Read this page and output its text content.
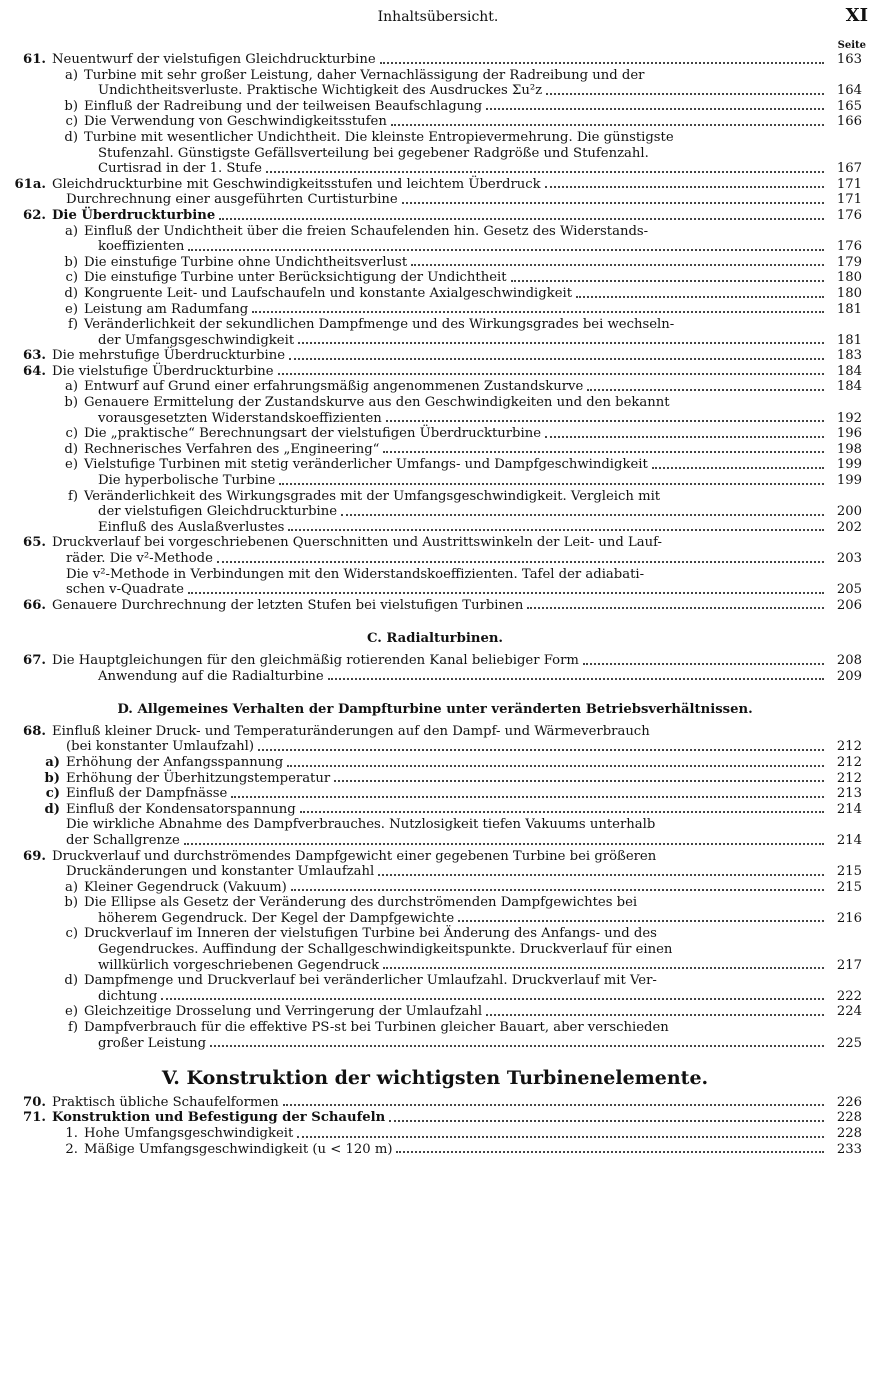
Inhaltsübersicht.	XI
Seite
61. Neuentwurf der vielstufigen Gleichdruckturbine	163
a) Turbine mit sehr großer Leistung, daher Vernachlässigung der Radreibung und der
Undichtheitsverluste. Praktische Wichtigkeit des Ausdruckes Σu²z	164
b) Einfluß der Radreibung und der teilweisen Beaufschlagung	165
c) Die Verwendung von Geschwindigkeitsstufen	166
d) Turbine mit wesentlicher Undichtheit. Die kleinste Entropievermehrung. Die günstigste
Stufenzahl. Günstigste Gefällsverteilung bei gegebener Radgröße und Stufenzahl.
Curtisrad in der 1. Stufe	167
61a. Gleichdruckturbine mit Geschwindigkeitsstufen und leichtem Überdruck	171
Durchrechnung einer ausgeführten Curtisturbine	171
62. Die Überdruckturbine	176
a) Einfluß der Undichtheit über die freien Schaufelenden hin. Gesetz des Widerstands-
koeffizienten	176
b) Die einstufige Turbine ohne Undichtheitsverlust	179
c) Die einstufige Turbine unter Berücksichtigung der Undichtheit	180
d) Kongruente Leit- und Laufschaufeln und konstante Axialgeschwindigkeit	180
e) Leistung am Radumfang	181
f) Veränderlichkeit der sekundlichen Dampfmenge und des Wirkungsgrades bei wechseln-
der Umfangsgeschwindigkeit	181
63. Die mehrstufige Überdruckturbine	183
64. Die vielstufige Überdruckturbine	184
a) Entwurf auf Grund einer erfahrungsmäßig angenommenen Zustandskurve	184
b) Genauere Ermittelung der Zustandskurve aus den Geschwindigkeiten und den bekannt
vorausgesetzten Widerstandskoeffizienten	192
c) Die „praktische“ Berechnungsart der vielstufigen Überdruckturbine	196
d) Rechnerisches Verfahren des „Engineering“	198
e) Vielstufige Turbinen mit stetig veränderlicher Umfangs- und Dampfgeschwindigkeit	199
Die hyperbolische Turbine	199
f) Veränderlichkeit des Wirkungsgrades mit der Umfangsgeschwindigkeit. Vergleich mit
der vielstufigen Gleichdruckturbine	200
Einfluß des Auslaßverlustes	202
65. Druckverlauf bei vorgeschriebenen Querschnitten und Austrittswinkeln der Leit- und Lauf-
räder. Die v²-Methode	203
Die v²-Methode in Verbindungen mit den Widerstandskoeffizienten. Tafel der adiabati-
schen v-Quadrate	205
66. Genauere Durchrechnung der letzten Stufen bei vielstufigen Turbinen	206
C. Radialturbinen.
67. Die Hauptgleichungen für den gleichmäßig rotierenden Kanal beliebiger Form	208
Anwendung auf die Radialturbine	209
D. Allgemeines Verhalten der Dampfturbine unter veränderten Betriebsverhältnissen.
68. Einfluß kleiner Druck- und Temperaturänderungen auf den Dampf- und Wärmeverbrauch
(bei konstanter Umlaufzahl)	212
a) Erhöhung der Anfangsspannung	212
b) Erhöhung der Überhitzungstemperatur	212
c) Einfluß der Dampfnässe	213
d) Einfluß der Kondensatorspannung	214
Die wirkliche Abnahme des Dampfverbrauches. Nutzlosigkeit tiefen Vakuums unterhalb
der Schallgrenze	214
69. Druckverlauf und durchströmendes Dampfgewicht einer gegebenen Turbine bei größeren
Druckänderungen und konstanter Umlaufzahl	215
a) Kleiner Gegendruck (Vakuum)	215
b) Die Ellipse als Gesetz der Veränderung des durchströmenden Dampfgewichtes bei
höherem Gegendruck. Der Kegel der Dampfgewichte	216
c) Druckverlauf im Inneren der vielstufigen Turbine bei Änderung des Anfangs- und des
Gegendruckes. Auffindung der Schallgeschwindigkeitspunkte. Druckverlauf für einen
willkürlich vorgeschriebenen Gegendruck	217
d) Dampfmenge und Druckverlauf bei veränderlicher Umlaufzahl. Druckverlauf mit Ver-
dichtung	222
e) Gleichzeitige Drosselung und Verringerung der Umlaufzahl	224
f) Dampfverbrauch für die effektive PS-st bei Turbinen gleicher Bauart, aber verschieden
großer Leistung	225
V. Konstruktion der wichtigsten Turbinenelemente.
70. Praktisch übliche Schaufelformen	226
71. Konstruktion und Befestigung der Schaufeln	228
1. Hohe Umfangsgeschwindigkeit	228
2. Mäßige Umfangsgeschwindigkeit (u < 120 m)	233
